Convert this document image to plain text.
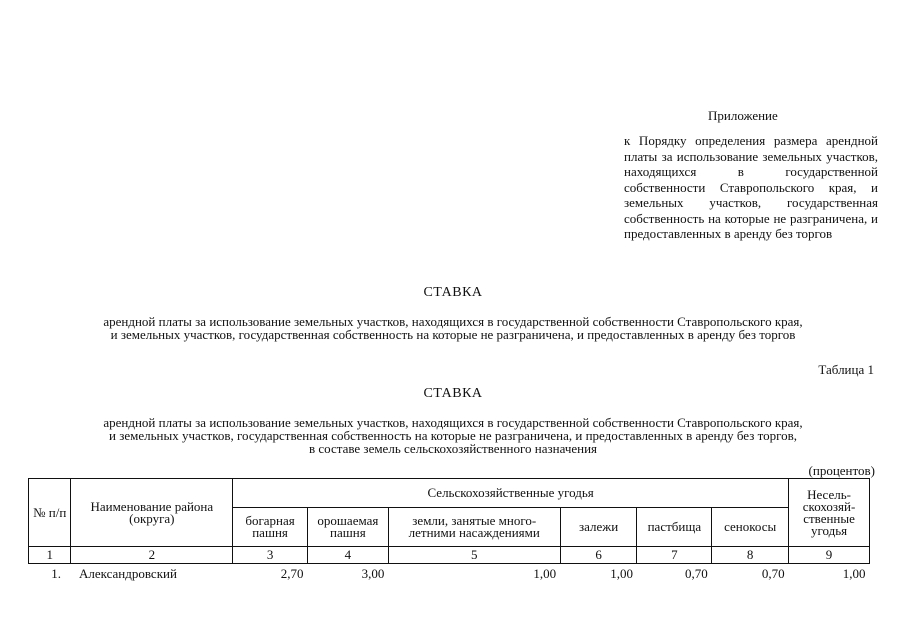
Приложение
к Порядку определения размера арендной платы за использование земельных участков, находящихся в государственной собственности Ставропольского края, и земельных участков, государственная собственность на которые не разграничена, и предоставленных в аренду без торгов
СТАВКА
арендной платы за использование земельных участков, находящихся в государственной собственности Ставропольского края,
и земельных участков, государственная собственность на которые не разграничена, и предоставленных в аренду без торгов
Таблица 1
СТАВКА
арендной платы за использование земельных участков, находящихся в государственной собственности Ставропольского края,
и земельных участков, государственная собственность на которые не разграничена, и предоставленных в аренду без торгов,
в составе земель сельскохозяйственного назначения
(процентов)
№ п/п	Наименование района (округа)	Сельскохозяйственные угодья						Несель- скохозяй- ственные угодья
		богарная пашня	орошаемая пашня	земли, занятые много- летними насаждениями	залежи	пастбища	сенокосы	
1	2	3	4	5	6	7	8	9
1.	Александровский	2,70	3,00	1,00	1,00	0,70	0,70	1,00
